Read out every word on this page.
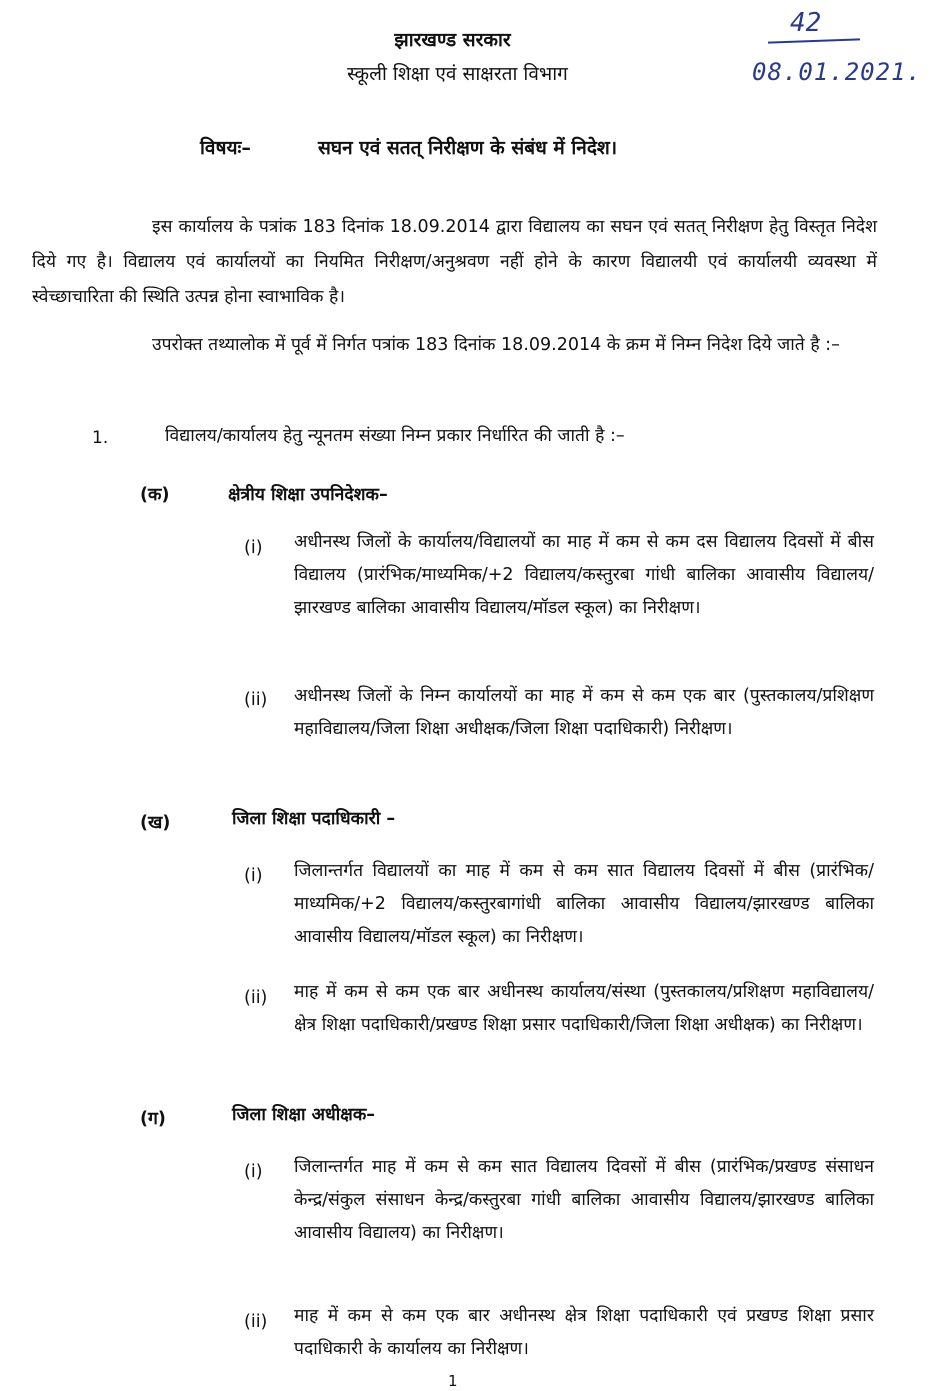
झारखण्ड सरकार
स्कूली शिक्षा एवं साक्षरता विभाग
42
08.01.2021.
विषयः–	सघन एवं सतत् निरीक्षण के संबंध में निदेश।
इस कार्यालय के पत्रांक 183 दिनांक 18.09.2014 द्वारा विद्यालय का सघन एवं सतत् निरीक्षण हेतु विस्तृत निदेश दिये गए है। विद्यालय एवं कार्यालयों का नियमित निरीक्षण/अनुश्रवण नहीं होने के कारण विद्यालयी एवं कार्यालयी व्यवस्था में स्वेच्छाचारिता की स्थिति उत्पन्न होना स्वाभाविक है।
उपरोक्त तथ्यालोक में पूर्व में निर्गत पत्रांक 183 दिनांक 18.09.2014 के क्रम में निम्न निदेश दिये जाते है :–
1.	विद्यालय/कार्यालय हेतु न्यूनतम संख्या निम्न प्रकार निर्धारित की जाती है :–
(क)	क्षेत्रीय शिक्षा उपनिदेशक–
(i) अधीनस्थ जिलों के कार्यालय/विद्यालयों का माह में कम से कम दस विद्यालय दिवसों में बीस विद्यालय (प्रारंभिक/माध्यमिक/+2 विद्यालय/कस्तुरबा गांधी बालिका आवासीय विद्यालय/झारखण्ड बालिका आवासीय विद्यालय/मॉडल स्कूल) का निरीक्षण।
(ii) अधीनस्थ जिलों के निम्न कार्यालयों का माह में कम से कम एक बार (पुस्तकालय/प्रशिक्षण महाविद्यालय/जिला शिक्षा अधीक्षक/जिला शिक्षा पदाधिकारी) निरीक्षण।
(ख)	जिला शिक्षा पदाधिकारी –
(i) जिलान्तर्गत विद्यालयों का माह में कम से कम सात विद्यालय दिवसों में बीस (प्रारंभिक/माध्यमिक/+2 विद्यालय/कस्तुरबागांधी बालिका आवासीय विद्यालय/झारखण्ड बालिका आवासीय विद्यालय/मॉडल स्कूल) का निरीक्षण।
(ii) माह में कम से कम एक बार अधीनस्थ कार्यालय/संस्था (पुस्तकालय/प्रशिक्षण महाविद्यालय/क्षेत्र शिक्षा पदाधिकारी/प्रखण्ड शिक्षा प्रसार पदाधिकारी/जिला शिक्षा अधीक्षक) का निरीक्षण।
(ग)	जिला शिक्षा अधीक्षक–
(i) जिलान्तर्गत माह में कम से कम सात विद्यालय दिवसों में बीस (प्रारंभिक/प्रखण्ड संसाधन केन्द्र/संकुल संसाधन केन्द्र/कस्तुरबा गांधी बालिका आवासीय विद्यालय/झारखण्ड बालिका आवासीय विद्यालय) का निरीक्षण।
(ii) माह में कम से कम एक बार अधीनस्थ क्षेत्र शिक्षा पदाधिकारी एवं प्रखण्ड शिक्षा प्रसार पदाधिकारी के कार्यालय का निरीक्षण।
1
